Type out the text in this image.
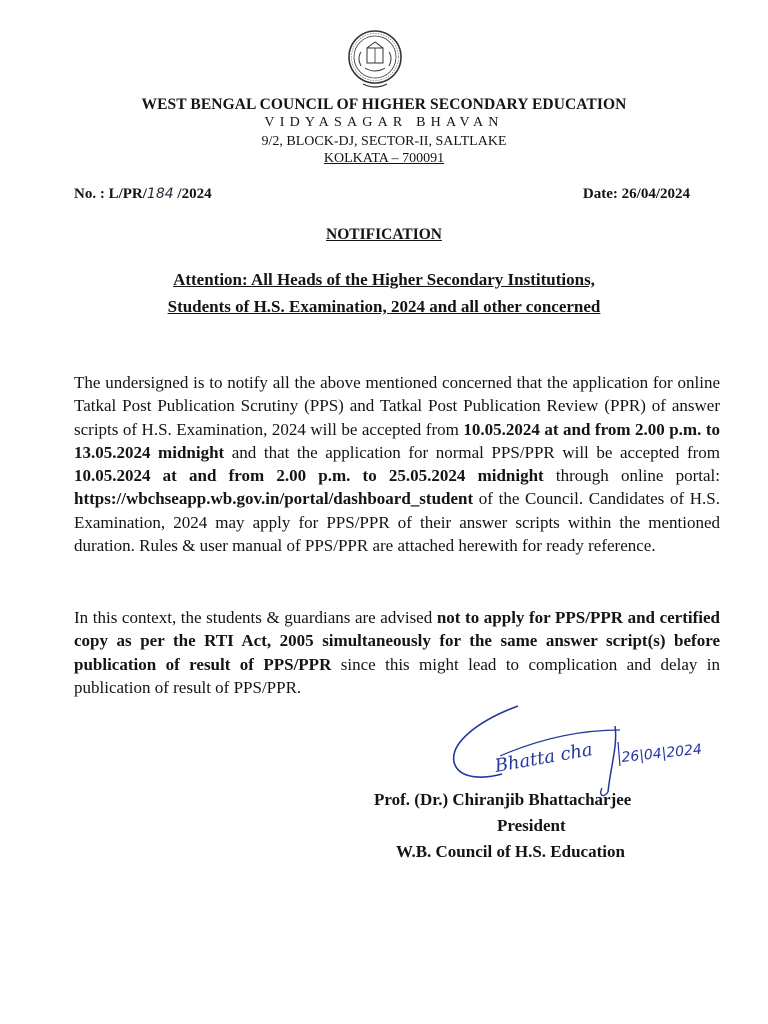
WEST BENGAL COUNCIL OF HIGHER SECONDARY EDUCATION
VIDYASAGAR BHAVAN
9/2, BLOCK-DJ, SECTOR-II, SALTLAKE
KOLKATA – 700091
No. : L/PR/184 /2024	Date: 26/04/2024
NOTIFICATION
Attention: All Heads of the Higher Secondary Institutions,
Students of H.S. Examination, 2024 and all other concerned
The undersigned is to notify all the above mentioned concerned that the application for online Tatkal Post Publication Scrutiny (PPS) and Tatkal Post Publication Review (PPR) of answer scripts of H.S. Examination, 2024 will be accepted from 10.05.2024 at and from 2.00 p.m. to 13.05.2024 midnight and that the application for normal PPS/PPR will be accepted from 10.05.2024 at and from 2.00 p.m. to 25.05.2024 midnight through online portal: https://wbchseapp.wb.gov.in/portal/dashboard_student of the Council. Candidates of H.S. Examination, 2024 may apply for PPS/PPR of their answer scripts within the mentioned duration. Rules & user manual of PPS/PPR are attached herewith for ready reference.
In this context, the students & guardians are advised not to apply for PPS/PPR and certified copy as per the RTI Act, 2005 simultaneously for the same answer script(s) before publication of result of PPS/PPR since this might lead to complication and delay in publication of result of PPS/PPR.
Bhatta cha 26|04|2024
Prof. (Dr.) Chiranjib Bhattacharjee
President
W.B. Council of H.S. Education
